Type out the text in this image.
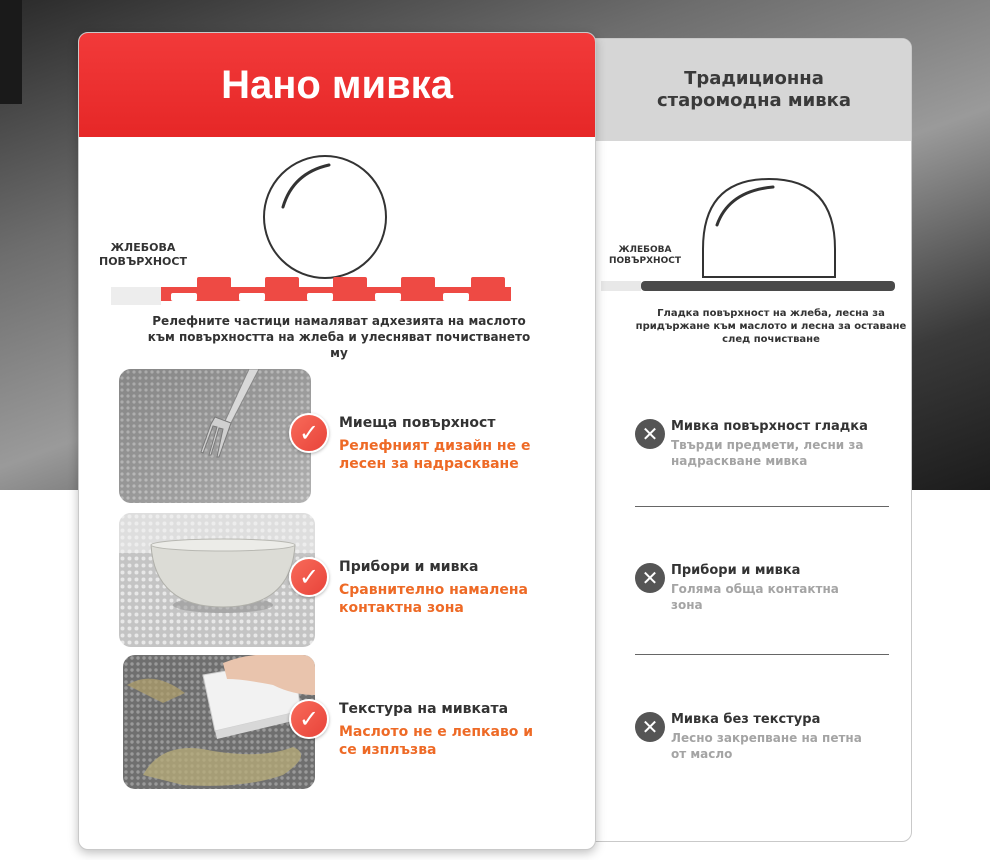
Традиционна
старомодна мивка
ЖЛЕБОВА
ПОВЪРХНОСТ
Гладка повърхност на жлеба, лесна за придържане към маслото и лесна за оставане след почистване
✕ Мивка повърхност гладка
Твърди предмети, лесни за надраскване мивка
✕ Прибори и мивка
Голяма обща контактна зона
✕ Мивка без текстура
Лесно закрепване на петна от масло
Нано мивка
ЖЛЕБОВА
ПОВЪРХНОСТ
Релефните частици намаляват адхезията на маслото към повърхността на жлеба и улесняват почистването му
✓	Миеща повърхност
Релефният дизайн не е лесен за надраскване
✓	Прибори и мивка
Сравнително намалена контактна зона
✓	Текстура на мивката
Маслото не е лепкаво и се изплъзва
